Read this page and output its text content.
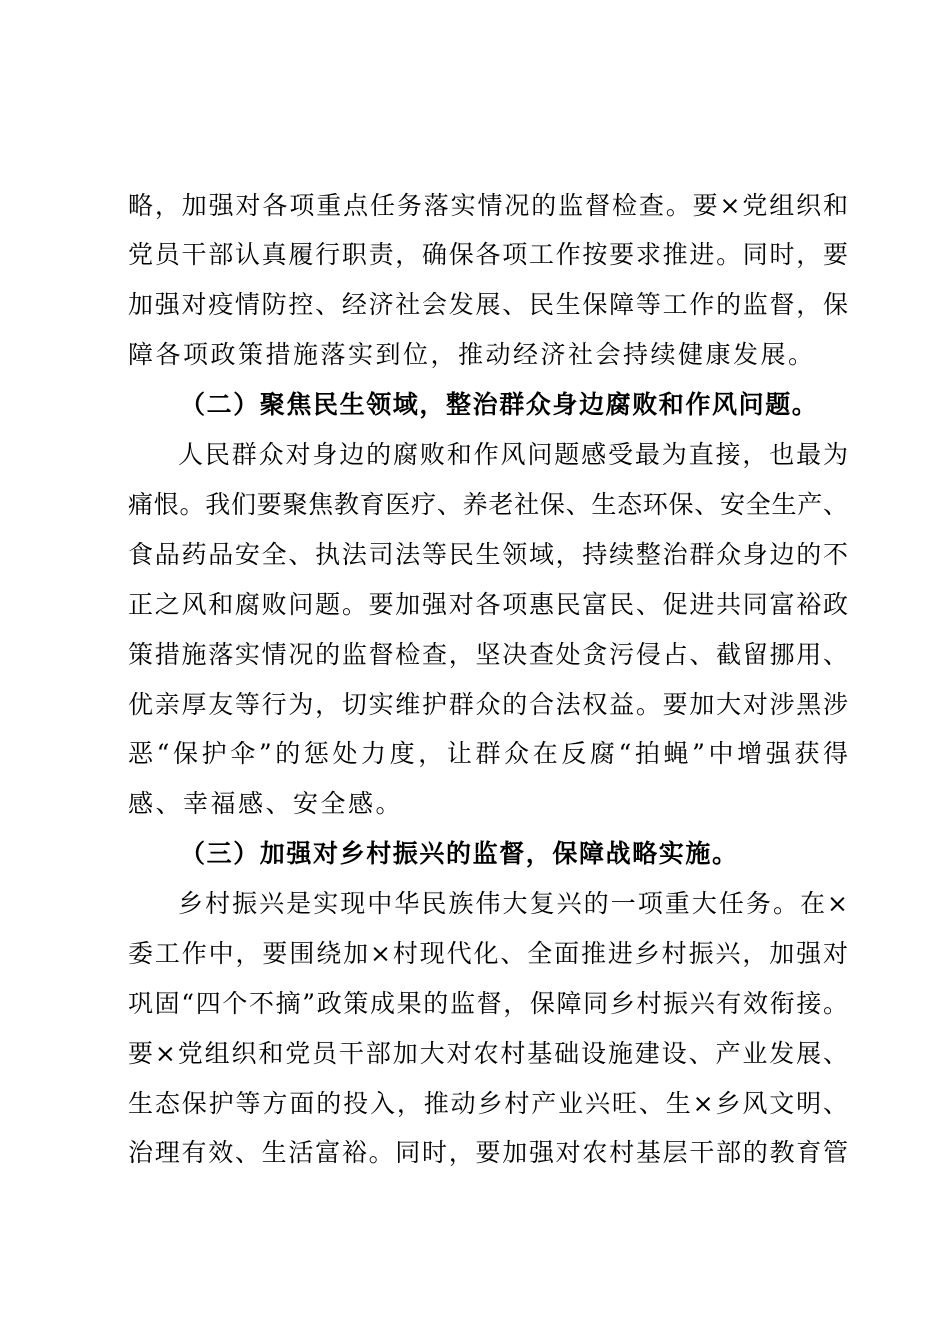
略，加强对各项重点任务落实情况的监督检查。要×党组织和
党员干部认真履行职责，确保各项工作按要求推进。同时，要
加强对疫情防控、经济社会发展、民生保障等工作的监督，保
障各项政策措施落实到位，推动经济社会持续健康发展。
（二）聚焦民生领域，整治群众身边腐败和作风问题。
人民群众对身边的腐败和作风问题感受最为直接，也最为
痛恨。我们要聚焦教育医疗、养老社保、生态环保、安全生产、
食品药品安全、执法司法等民生领域，持续整治群众身边的不
正之风和腐败问题。要加强对各项惠民富民、促进共同富裕政
策措施落实情况的监督检查，坚决查处贪污侵占、截留挪用、
优亲厚友等行为，切实维护群众的合法权益。要加大对涉黑涉
恶“保护伞”的惩处力度，让群众在反腐“拍蝇”中增强获得
感、幸福感、安全感。
（三）加强对乡村振兴的监督，保障战略实施。
乡村振兴是实现中华民族伟大复兴的一项重大任务。在×
委工作中，要围绕加×村现代化、全面推进乡村振兴，加强对
巩固“四个不摘”政策成果的监督，保障同乡村振兴有效衔接。
要×党组织和党员干部加大对农村基础设施建设、产业发展、
生态保护等方面的投入，推动乡村产业兴旺、生×乡风文明、
治理有效、生活富裕。同时，要加强对农村基层干部的教育管
